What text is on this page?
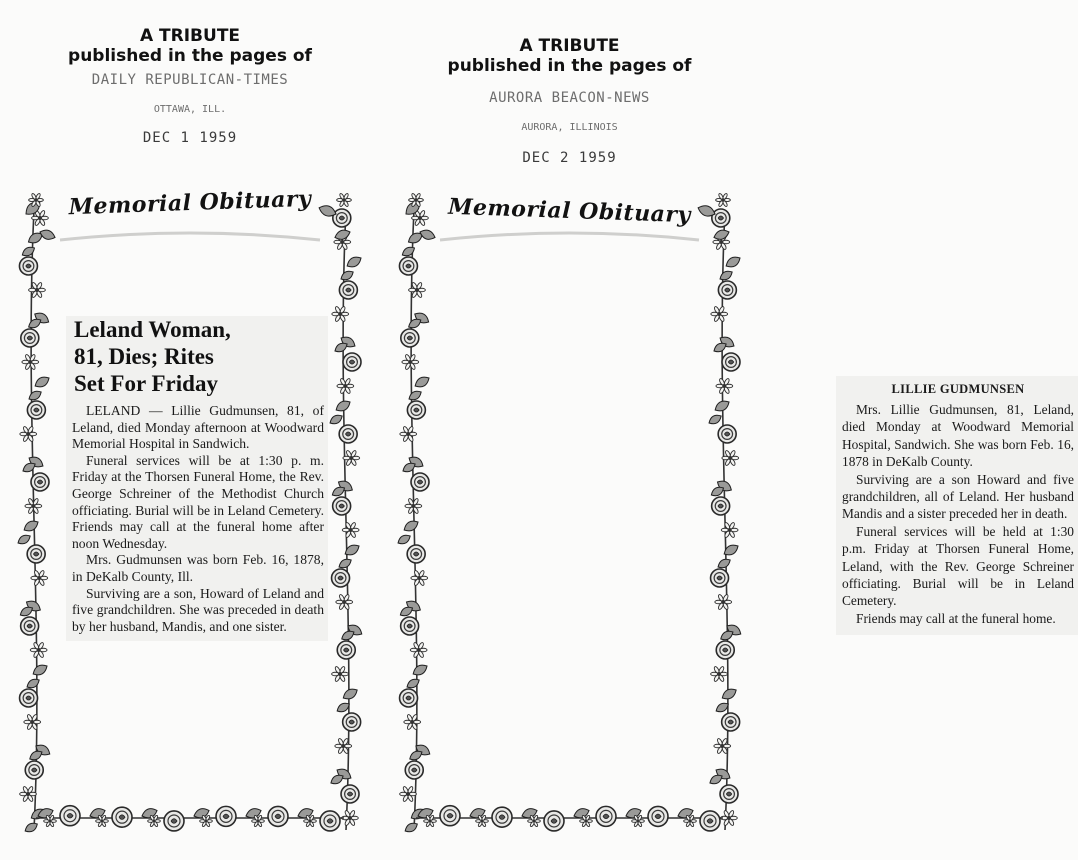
A TRIBUTE
published in the pages of
DAILY REPUBLICAN-TIMES
OTTAWA, ILL.
DEC 1 1959
Memorial Obituary
Leland Woman,
81, Dies; Rites
Set For Friday

LELAND — Lillie Gudmunsen, 81, of Leland, died Monday afternoon at Woodward Memorial Hospital in Sandwich.

Funeral services will be at 1:30 p. m. Friday at the Thorsen Funeral Home, the Rev. George Schreiner of the Methodist Church officiating. Burial will be in Leland Cemetery. Friends may call at the funeral home after noon Wednesday.

Mrs. Gudmunsen was born Feb. 16, 1878, in DeKalb County, Ill.

Surviving are a son, Howard of Leland and five grandchildren. She was preceded in death by her husband, Mandis, and one sister.

A TRIBUTE
published in the pages of
AURORA BEACON-NEWS
AURORA, ILLINOIS
DEC 2 1959
Memorial Obituary
LILLIE GUDMUNSEN

Mrs. Lillie Gudmunsen, 81, Leland, died Monday at Woodward Memorial Hospital, Sandwich. She was born Feb. 16, 1878 in DeKalb County.

Surviving are a son Howard and five grandchildren, all of Leland. Her husband Mandis and a sister preceded her in death.

Funeral services will be held at 1:30 p.m. Friday at Thorsen Funeral Home, Leland, with the Rev. George Schreiner officiating. Burial will be in Leland Cemetery.

Friends may call at the funeral home.
